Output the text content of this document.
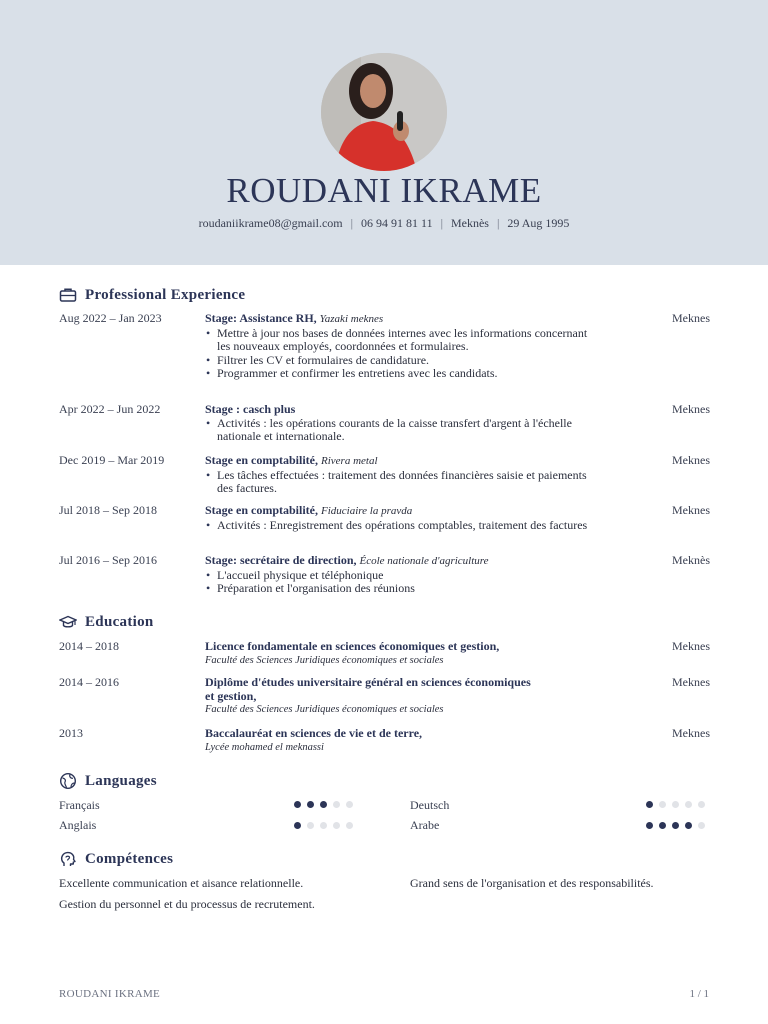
ROUDANI IKRAME
roudaniikrame08@gmail.com | 06 94 91 81 11 | Meknès | 29 Aug 1995
Professional Experience
Aug 2022 – Jan 2023	Stage: Assistance RH, Yazaki meknes
• Mettre à jour nos bases de données internes avec les informations concernant les nouveaux employés, coordonnées et formulaires.
• Filtrer les CV et formulaires de candidature.
• Programmer et confirmer les entretiens avec les candidats.
Meknes
Apr 2022 – Jun 2022	Stage : casch plus
• Activités : les opérations courants de la caisse transfert d'argent à l'échelle nationale et internationale.
Meknes
Dec 2019 – Mar 2019	Stage en comptabilité, Rivera metal
• Les tâches effectuées : traitement des données financières saisie et paiements des factures.
Meknes
Jul 2018 – Sep 2018	Stage en comptabilité, Fiduciaire la pravda
• Activités : Enregistrement des opérations comptables, traitement des factures
Meknes
Jul 2016 – Sep 2016	Stage: secrétaire de direction, École nationale d'agriculture
• L'accueil physique et téléphonique
• Préparation et l'organisation des réunions
Meknès
Education
2014 – 2018	Licence fondamentale en sciences économiques et gestion,
Faculté des Sciences Juridiques économiques et sociales
Meknes
2014 – 2016	Diplôme d'études universitaire général en sciences économiques et gestion,
Faculté des Sciences Juridiques économiques et sociales
Meknes
2013	Baccalauréat en sciences de vie et de terre,
Lycée mohamed el meknassi
Meknes
Languages
Français	Deutsch
Anglais	Arabe
Compétences
Excellente communication et aisance relationnelle.	Grand sens de l'organisation et des responsabilités.
Gestion du personnel et du processus de recrutement.
ROUDANI IKRAME	1 / 1
